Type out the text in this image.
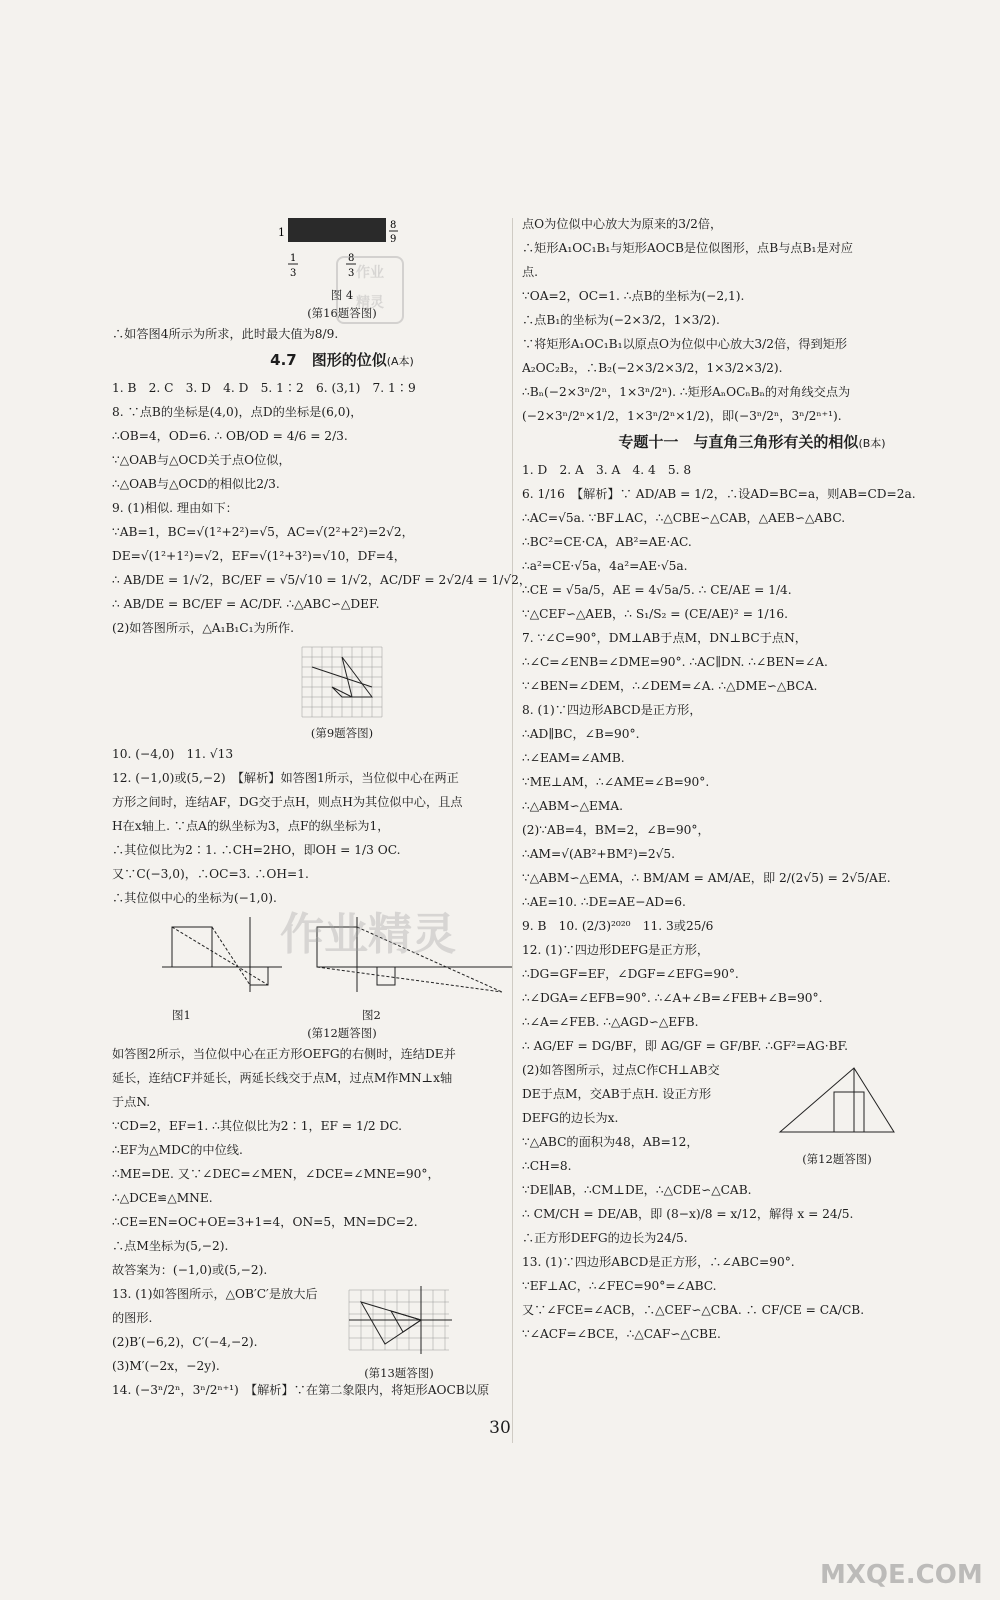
1
8
9
1
3
8
3
图 4
(第16题答图)
∴如答图4所示为所求，此时最大值为8/9.
4.7　图形的位似(A本)
1. B　2. C　3. D　4. D　5. 1∶2　6. (3,1)　7. 1∶9
8. ∵点B的坐标是(4,0)，点D的坐标是(6,0)，
∴OB=4，OD=6. ∴ OB/OD = 4/6 = 2/3.
∵△OAB与△OCD关于点O位似，
∴△OAB与△OCD的相似比2/3.
9. (1)相似. 理由如下：
∵AB=1，BC=√(1²+2²)=√5，AC=√(2²+2²)=2√2，
DE=√(1²+1²)=√2，EF=√(1²+3²)=√10，DF=4，
∴ AB/DE = 1/√2，BC/EF = √5/√10 = 1/√2，AC/DF = 2√2/4 = 1/√2，
∴ AB/DE = BC/EF = AC/DF. ∴△ABC∽△DEF.
(2)如答图所示，△A₁B₁C₁为所作.
(第9题答图)
10. (−4,0)　11. √13
12. (−1,0)或(5,−2)　【解析】如答图1所示，当位似中心在两正
方形之间时，连结AF，DG交于点H，则点H为其位似中心，且点
H在x轴上. ∵点A的纵坐标为3，点F的纵坐标为1，
∴其位似比为2∶1. ∴CH=2HO，即OH = 1/3 OC.
又∵C(−3,0)，∴OC=3. ∴OH=1.
∴其位似中心的坐标为(−1,0).
图1	图2
(第12题答图)
如答图2所示，当位似中心在正方形OEFG的右侧时，连结DE并
延长，连结CF并延长，两延长线交于点M，过点M作MN⊥x轴
于点N.
∵CD=2，EF=1. ∴其位似比为2∶1，EF = 1/2 DC.
∴EF为△MDC的中位线.
∴ME=DE. 又∵∠DEC=∠MEN，∠DCE=∠MNE=90°，
∴△DCE≌△MNE.
∴CE=EN=OC+OE=3+1=4，ON=5，MN=DC=2.
∴点M坐标为(5,−2).
故答案为：(−1,0)或(5,−2).
13. (1)如答图所示，△OB′C′是放大后
的图形.
(2)B′(−6,2)，C′(−4,−2).
(3)M′(−2x，−2y).	(第13题答图)
14. (−3ⁿ/2ⁿ，3ⁿ/2ⁿ⁺¹)　【解析】∵在第二象限内，将矩形AOCB以原
点O为位似中心放大为原来的3/2倍，
∴矩形A₁OC₁B₁与矩形AOCB是位似图形，点B与点B₁是对应
点.
∵OA=2，OC=1. ∴点B的坐标为(−2,1).
∴点B₁的坐标为(−2×3/2，1×3/2).
∵将矩形A₁OC₁B₁以原点O为位似中心放大3/2倍，得到矩形
A₂OC₂B₂，∴B₂(−2×3/2×3/2，1×3/2×3/2).
∴Bₙ(−2×3ⁿ/2ⁿ，1×3ⁿ/2ⁿ). ∴矩形AₙOCₙBₙ的对角线交点为
(−2×3ⁿ/2ⁿ×1/2，1×3ⁿ/2ⁿ×1/2)，即(−3ⁿ/2ⁿ，3ⁿ/2ⁿ⁺¹).
专题十一　与直角三角形有关的相似(B本)
1. D　2. A　3. A　4. 4　5. 8
6. 1/16　【解析】∵ AD/AB = 1/2，∴设AD=BC=a，则AB=CD=2a.
∴AC=√5a. ∵BF⊥AC，∴△CBE∽△CAB，△AEB∽△ABC.
∴BC²=CE·CA，AB²=AE·AC.
∴a²=CE·√5a，4a²=AE·√5a.
∴CE = √5a/5，AE = 4√5a/5. ∴ CE/AE = 1/4.
∵△CEF∽△AEB，∴ S₁/S₂ = (CE/AE)² = 1/16.
7. ∵∠C=90°，DM⊥AB于点M，DN⊥BC于点N，
∴∠C=∠ENB=∠DME=90°. ∴AC∥DN. ∴∠BEN=∠A.
∵∠BEN=∠DEM，∴∠DEM=∠A. ∴△DME∽△BCA.
8. (1)∵四边形ABCD是正方形，
∴AD∥BC，∠B=90°.
∴∠EAM=∠AMB.
∵ME⊥AM，∴∠AME=∠B=90°.
∴△ABM∽△EMA.
(2)∵AB=4，BM=2，∠B=90°，
∴AM=√(AB²+BM²)=2√5.
∵△ABM∽△EMA，∴ BM/AM = AM/AE，即 2/(2√5) = 2√5/AE.
∴AE=10. ∴DE=AE−AD=6.
9. B　10. (2/3)²⁰²⁰　11. 3或25/6
12. (1)∵四边形DEFG是正方形，
∴DG=GF=EF，∠DGF=∠EFG=90°.
∴∠DGA=∠EFB=90°. ∴∠A+∠B=∠FEB+∠B=90°.
∴∠A=∠FEB. ∴△AGD∽△EFB.
∴ AG/EF = DG/BF，即 AG/GF = GF/BF. ∴GF²=AG·BF.
(2)如答图所示，过点C作CH⊥AB交
DE于点M，交AB于点H. 设正方形
DEFG的边长为x.
∵△ABC的面积为48，AB=12，
∴CH=8.	(第12题答图)
∵DE∥AB，∴CM⊥DE，∴△CDE∽△CAB.
∴ CM/CH = DE/AB，即 (8−x)/8 = x/12，解得 x = 24/5.
∴正方形DEFG的边长为24/5.
13. (1)∵四边形ABCD是正方形，∴∠ABC=90°.
∵EF⊥AC，∴∠FEC=90°=∠ABC.
又∵∠FCE=∠ACB，∴△CEF∽△CBA. ∴ CF/CE = CA/CB.
∵∠ACF=∠BCE，∴△CAF∽△CBE.
30
作业
精灵
作业精灵
MXQE.COM
